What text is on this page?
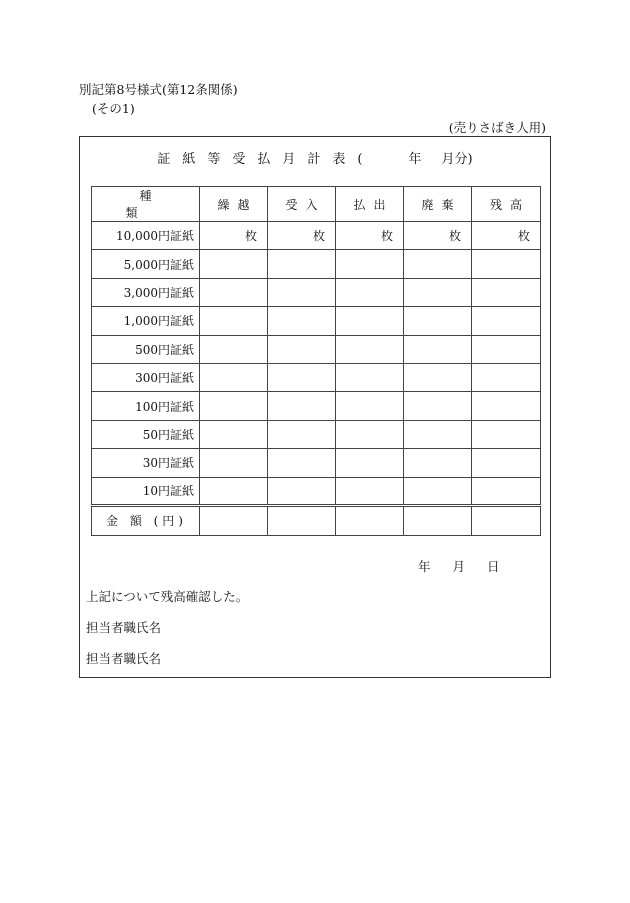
別記第8号様式(第12条関係)
(その1)
(売りさばき人用)
証紙等受払月計表(	年 月分)
種類	繰越	受入	払出	廃棄	残高
10,000円証紙	枚	枚	枚	枚	枚
5,000円証紙					
3,000円証紙					
1,000円証紙					
500円証紙					
300円証紙					
100円証紙					
50円証紙					
30円証紙					
10円証紙					
金 額 (円)					
年 月 日
上記について残高確認した。
担当者職氏名
担当者職氏名
